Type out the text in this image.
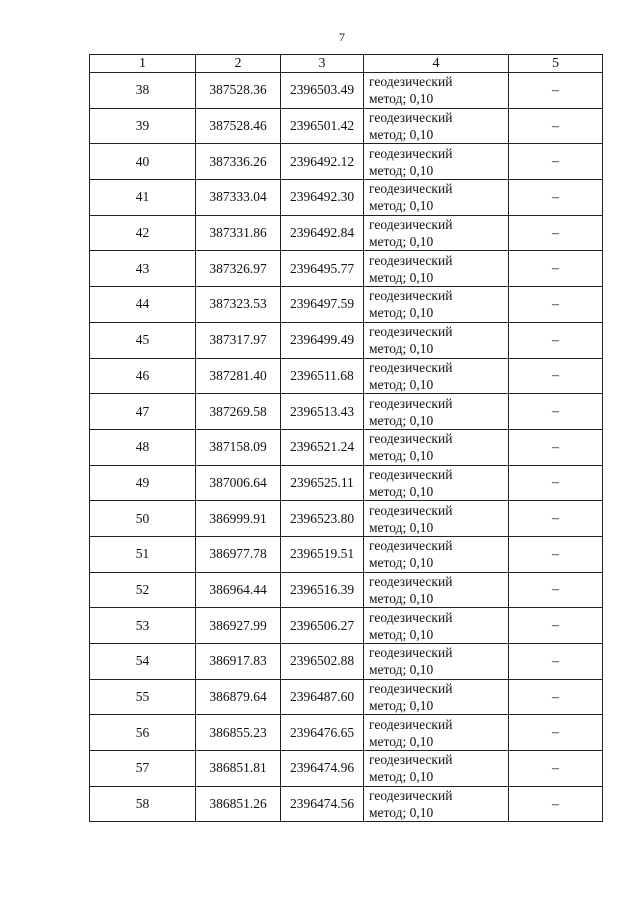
7
1	2	3	4	5
38	387528.36	2396503.49	геодезический
метод; 0,10	–
39	387528.46	2396501.42	геодезический
метод; 0,10	–
40	387336.26	2396492.12	геодезический
метод; 0,10	–
41	387333.04	2396492.30	геодезический
метод; 0,10	–
42	387331.86	2396492.84	геодезический
метод; 0,10	–
43	387326.97	2396495.77	геодезический
метод; 0,10	–
44	387323.53	2396497.59	геодезический
метод; 0,10	–
45	387317.97	2396499.49	геодезический
метод; 0,10	–
46	387281.40	2396511.68	геодезический
метод; 0,10	–
47	387269.58	2396513.43	геодезический
метод; 0,10	–
48	387158.09	2396521.24	геодезический
метод; 0,10	–
49	387006.64	2396525.11	геодезический
метод; 0,10	–
50	386999.91	2396523.80	геодезический
метод; 0,10	–
51	386977.78	2396519.51	геодезический
метод; 0,10	–
52	386964.44	2396516.39	геодезический
метод; 0,10	–
53	386927.99	2396506.27	геодезический
метод; 0,10	–
54	386917.83	2396502.88	геодезический
метод; 0,10	–
55	386879.64	2396487.60	геодезический
метод; 0,10	–
56	386855.23	2396476.65	геодезический
метод; 0,10	–
57	386851.81	2396474.96	геодезический
метод; 0,10	–
58	386851.26	2396474.56	геодезический
метод; 0,10	–
